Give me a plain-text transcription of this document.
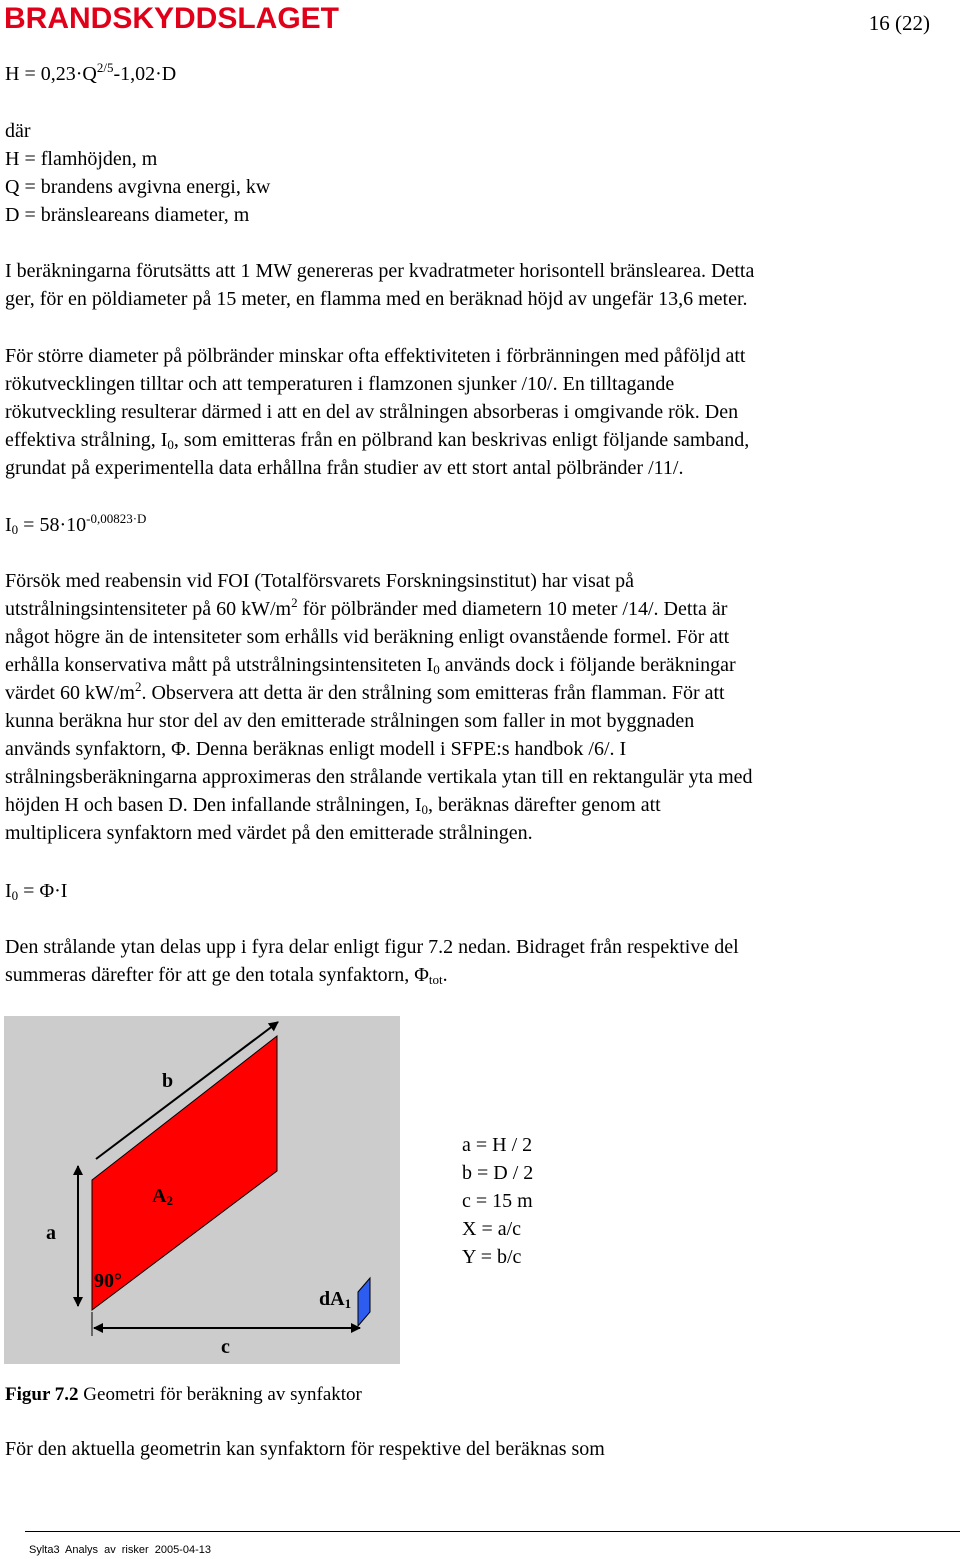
BRANDSKYDDSLAGET	16 (22)
$H = 0,23\cdot Q^{2/5}-1,02\cdot D$
där
H = flamhöjden, m
Q = brandens avgivna energi, kw
D = bränsleareans diameter, m
I beräkningarna förutsätts att 1 MW genereras per kvadratmeter horisontell bränslearea. Detta
ger, för en pöldiameter på 15 meter, en flamma med en beräknad höjd av ungefär 13,6 meter.
För större diameter på pölbränder minskar ofta effektiviteten i förbränningen med påföljd att
rökutvecklingen tilltar och att temperaturen i flamzonen sjunker /10/. En tilltagande
rökutveckling resulterar därmed i att en del av strålningen absorberas i omgivande rök. Den
effektiva strålning, $I_0$, som emitteras från en pölbrand kan beskrivas enligt följande samband,
grundat på experimentella data erhållna från studier av ett stort antal pölbränder /11/.
$I_0 = 58\cdot 10^{-0,00823\cdot D}$
Försök med reabensin vid FOI (Totalförsvarets Forskningsinstitut) har visat på
utstrålningsintensiteter på 60 $kW/m^2$ för pölbränder med diametern 10 meter /14/. Detta är
något högre än de intensiteter som erhålls vid beräkning enligt ovanstående formel. För att
erhålla konservativa mått på utstrålningsintensiteten $I_0$ används dock i följande beräkningar
värdet 60 $kW/m^2$. Observera att detta är den strålning som emitteras från flamman. För att
kunna beräkna hur stor del av den emitterade strålningen som faller in mot byggnaden
används synfaktorn, Φ. Denna beräknas enligt modell i SFPE:s handbok /6/. I
strålningsberäkningarna approximeras den strålande vertikala ytan till en rektangulär yta med
höjden H och basen D. Den infallande strålningen, $I_0$, beräknas därefter genom att
multiplicera synfaktorn med värdet på den emitterade strålningen.
$I_0 = \Phi\cdot I$
Den strålande ytan delas upp i fyra delar enligt figur 7.2 nedan. Bidraget från respektive del
summeras därefter för att ge den totala synfaktorn, $\Phi_{tot}$.
b
$A_2$
a
90°
$dA_1$
c
a = H / 2
b = D / 2
c = 15 m
X = a/c
Y = b/c
Figur 7.2 Geometri för beräkning av synfaktor
För den aktuella geometrin kan synfaktorn för respektive del beräknas som
Sylta3 Analys av risker 2005-04-13
